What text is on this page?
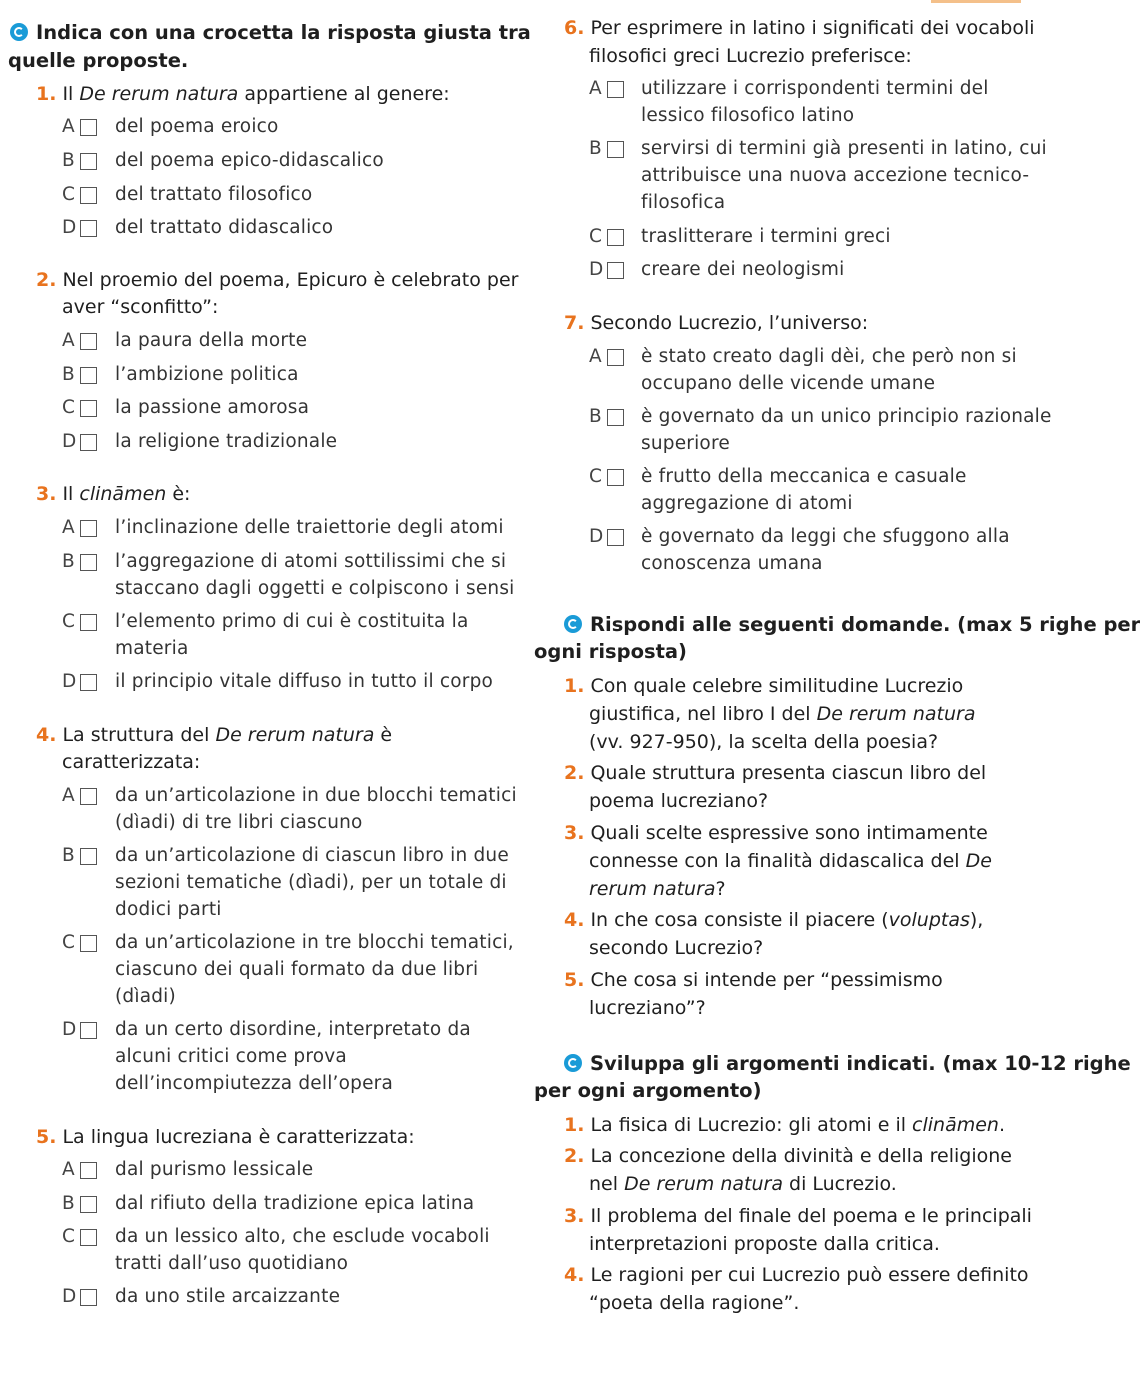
Indica con una crocetta la risposta giusta tra
quelle proposte.
1. Il De rerum natura appartiene al genere:
A del poema eroico
B del poema epico-didascalico
C del trattato filosofico
D del trattato didascalico
2. Nel proemio del poema, Epicuro è celebrato per
aver “sconfitto”:
A la paura della morte
B l’ambizione politica
C la passione amorosa
D la religione tradizionale
3. Il clināmen è:
A l’inclinazione delle traiettorie degli atomi
B l’aggregazione di atomi sottilissimi che si
staccano dagli oggetti e colpiscono i sensi
C l’elemento primo di cui è costituita la
materia
D il principio vitale diffuso in tutto il corpo
4. La struttura del De rerum natura è
caratterizzata:
A da un’articolazione in due blocchi tematici
(dìadi) di tre libri ciascuno
B da un’articolazione di ciascun libro in due
sezioni tematiche (dìadi), per un totale di
dodici parti
C da un’articolazione in tre blocchi tematici,
ciascuno dei quali formato da due libri
(dìadi)
D da un certo disordine, interpretato da
alcuni critici come prova
dell’incompiutezza dell’opera
5. La lingua lucreziana è caratterizzata:
A dal purismo lessicale
B dal rifiuto della tradizione epica latina
C da un lessico alto, che esclude vocaboli
tratti dall’uso quotidiano
D da uno stile arcaizzante
6. Per esprimere in latino i significati dei vocaboli
filosofici greci Lucrezio preferisce:
A utilizzare i corrispondenti termini del
lessico filosofico latino
B servirsi di termini già presenti in latino, cui
attribuisce una nuova accezione tecnico-
filosofica
C traslitterare i termini greci
D creare dei neologismi
7. Secondo Lucrezio, l’universo:
A è stato creato dagli dèi, che però non si
occupano delle vicende umane
B è governato da un unico principio razionale
superiore
C è frutto della meccanica e casuale
aggregazione di atomi
D è governato da leggi che sfuggono alla
conoscenza umana
Rispondi alle seguenti domande. (max 5 righe per
ogni risposta)
1. Con quale celebre similitudine Lucrezio
giustifica, nel libro I del De rerum natura
(vv. 927-950), la scelta della poesia?
2. Quale struttura presenta ciascun libro del
poema lucreziano?
3. Quali scelte espressive sono intimamente
connesse con la finalità didascalica del De
rerum natura?
4. In che cosa consiste il piacere (voluptas),
secondo Lucrezio?
5. Che cosa si intende per “pessimismo
lucreziano”?
Sviluppa gli argomenti indicati. (max 10-12 righe
per ogni argomento)
1. La fisica di Lucrezio: gli atomi e il clināmen.
2. La concezione della divinità e della religione
nel De rerum natura di Lucrezio.
3. Il problema del finale del poema e le principali
interpretazioni proposte dalla critica.
4. Le ragioni per cui Lucrezio può essere definito
“poeta della ragione”.
